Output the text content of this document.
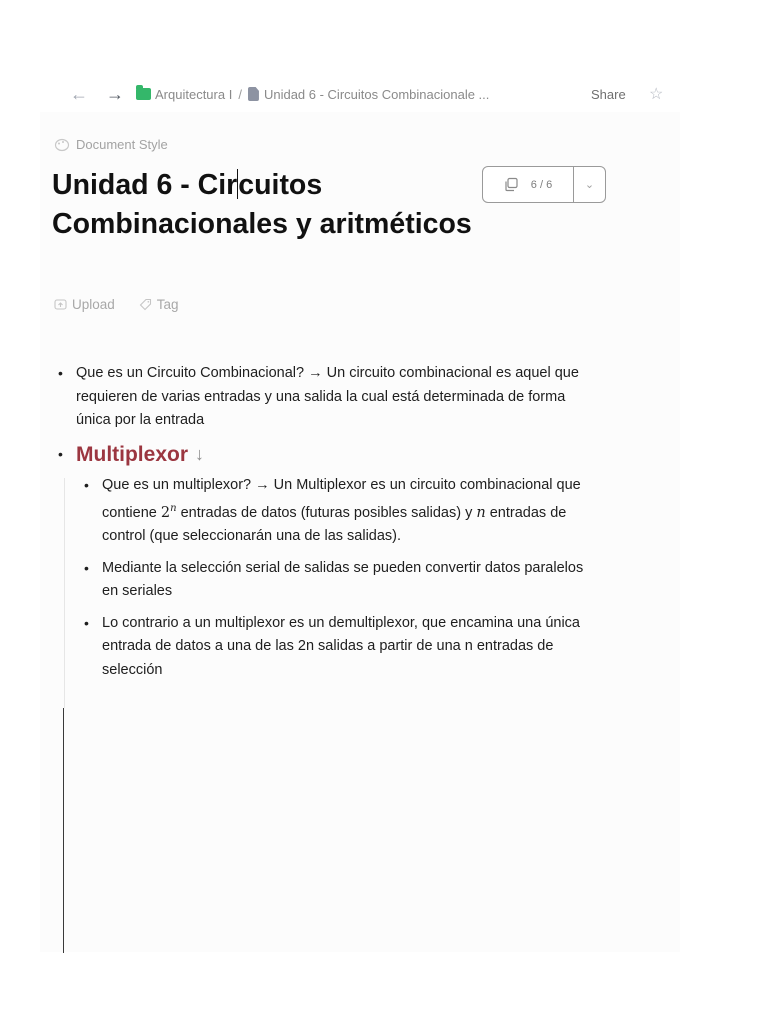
← → Arquitectura I / Unidad 6 - Circuitos Combinacionale ...	Share ☆
Document Style
Unidad 6 - Circuitos Combinacionales y aritméticos
6 / 6	⌄
Upload	Tag
• Que es un Circuito Combinacional? → Un circuito combinacional es aquel que requieren de varias entradas y una salida la cual está determinada de forma única por la entrada
• Multiplexor ↓
• Que es un multiplexor? → Un Multiplexor es un circuito combinacional que contiene 2$^n$ entradas de datos (futuras posibles salidas) y n entradas de control (que seleccionarán una de las salidas).
• Mediante la selección serial de salidas se pueden convertir datos paralelos en seriales
• Lo contrario a un multiplexor es un demultiplexor, que encamina una única entrada de datos a una de las 2n salidas a partir de una n entradas de selección
